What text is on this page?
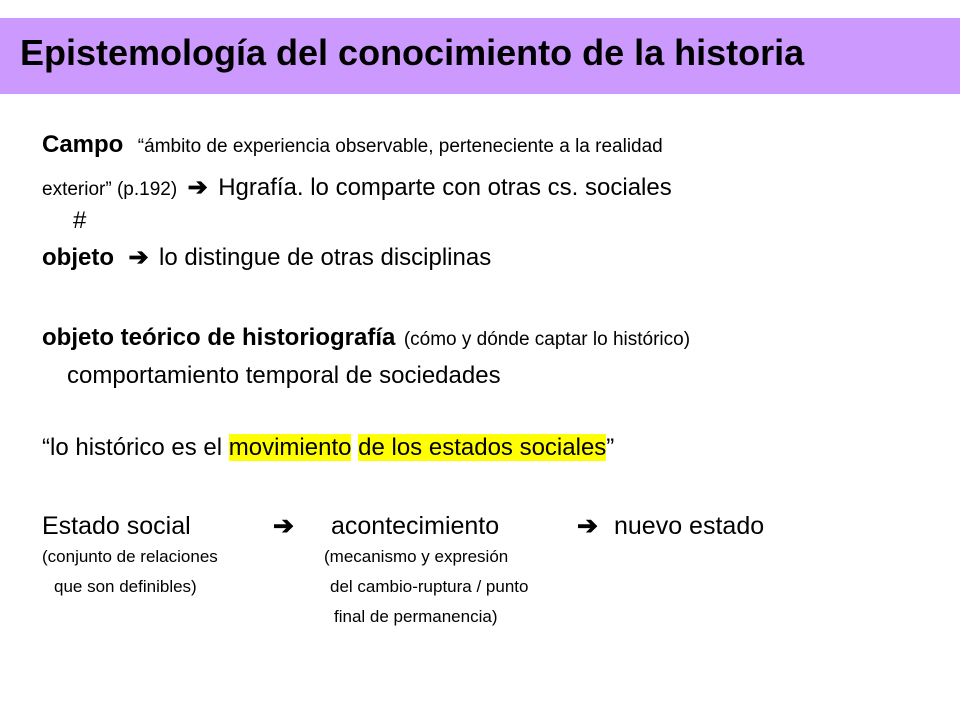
Epistemología del conocimiento de la historia
Campo “ámbito de experiencia observable, perteneciente a la realidad
exterior” (p.192) ➔ Hgrafía. lo comparte con otras cs. sociales
#
objeto ➔ lo distingue de otras disciplinas
objeto teórico de historiografía (cómo y dónde captar lo histórico)
comportamiento temporal de sociedades
“lo histórico es el movimiento de los estados sociales”
Estado social	➔ acontecimiento	➔ nuevo estado
(conjunto de relaciones
que son definibles)
(mecanismo y expresión
del cambio-ruptura / punto
final de permanencia)
